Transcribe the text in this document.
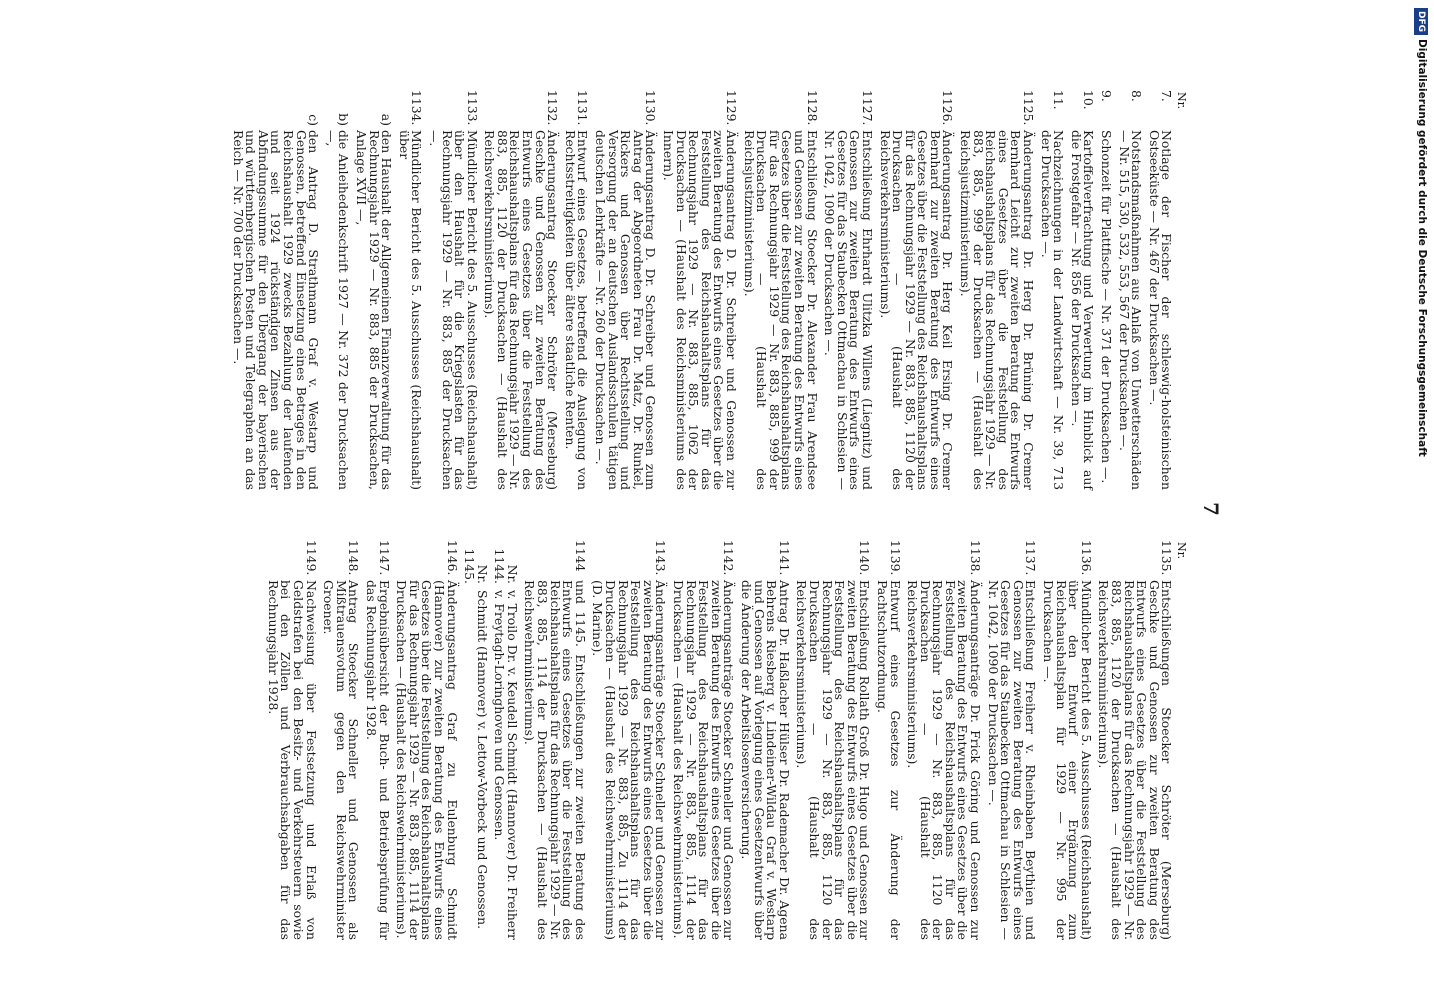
7
Nr.
7.
Notlage der Fischer der schleswig-holsteinischen Ostseeküste — Nr. 467 der Drucksachen —.
8.
Notstandsmaßnahmen aus Anlaß von Unwetterschäden — Nr. 515, 530, 532, 553, 567 der Drucksachen —.
9.
Schonzeit für Plattfische — Nr. 371 der Drucksachen —.
10.
Kartoffelverfrachtung und Verwertung im Hinblick auf die Frostgefahr — Nr. 856 der Drucksachen —.
11.
Nachzeichnungen in der Landwirtschaft — Nr. 39, 713 der Drucksachen —.
1125.
Änderungsantrag Dr. Herg Dr. Brüning Dr. Cremer Bernhard Leicht zur zweiten Beratung des Entwurfs eines Gesetzes über die Feststellung des Reichshaushaltsplans für das Rechnungsjahr 1929 — Nr. 883, 885, 999 der Drucksachen — (Haushalt des Reichsjustizministeriums).
1126.
Änderungsantrag Dr. Herg Keil Ersing Dr. Cremer Bernhard zur zweiten Beratung des Entwurfs eines Gesetzes über die Feststellung des Reichshaushaltsplans für das Rechnungsjahr 1929 — Nr. 883, 885, 1120 der Drucksachen — (Haushalt des Reichsverkehrsministeriums).
1127.
Entschließung Ehrhardt Ulitzka Willens (Liegnitz) und Genossen zur zweiten Beratung des Entwurfs eines Gesetzes für das Staubecken Ottmachau in Schlesien — Nr. 1042, 1090 der Drucksachen —.
1128.
Entschließung Stoecker Dr. Alexander Frau Arendsee und Genossen zur zweiten Beratung des Entwurfs eines Gesetzes über die Feststellung des Reichshaushaltsplans für das Rechnungsjahr 1929 — Nr. 883, 885, 999 der Drucksachen — (Haushalt des Reichsjustizministeriums).
1129.
Änderungsantrag D. Dr. Schreiber und Genossen zur zweiten Beratung des Entwurfs eines Gesetzes über die Feststellung des Reichshaushaltsplans für das Rechnungsjahr 1929 — Nr. 883, 885, 1062 der Drucksachen — (Haushalt des Reichsministeriums des Innern).
1130.
Änderungsantrag D. Dr. Schreiber und Genossen zum Antrag der Abgeordneten Frau Dr. Matz, Dr. Runkel, Rickers und Genossen über Rechtsstellung und Versorgung der an deutschen Auslandsschulen tätigen deutschen Lehrkräfte — Nr. 260 der Drucksachen —.
1131.
Entwurf eines Gesetzes, betreffend die Auslegung von Rechtsstreitigkeiten über ältere staatliche Renten.
1132.
Änderungsantrag Stoecker Schröter (Merseburg) Geschke und Genossen zur zweiten Beratung des Entwurfs eines Gesetzes über die Feststellung des Reichshaushaltsplans für das Rechnungsjahr 1929 — Nr. 883, 885, 1120 der Drucksachen — (Haushalt des Reichsverkehrsministeriums).
1133.
Mündlicher Bericht des 5. Ausschusses (Reichshaushalt) über den Haushalt für die Kriegslasten für das Rechnungsjahr 1929 — Nr. 883, 885 der Drucksachen —.
1134.
Mündlicher Bericht des 5. Ausschusses (Reichshaushalt) über
a)
den Haushalt der Allgemeinen Finanzverwaltung für das Rechnungsjahr 1929 — Nr. 883, 885 der Drucksachen, Anlage XVII —,
b)
die Anleihedenkschrift 1927 — Nr. 372 der Drucksachen —,
c)
den Antrag D. Strathmann Graf v. Westarp und Genossen, betreffend Einsetzung eines Betrages in den Reichshaushalt 1929 zwecks Bezahlung der laufenden und seit 1924 rückständigen Zinsen aus der Abfindungssumme für den Übergang der bayerischen und württembergischen Posten und Telegraphen an das Reich — Nr. 700 der Drucksachen —.
Nr.
1135.
Entschließungen Stoecker Schröter (Merseburg) Geschke und Genossen zur zweiten Beratung des Entwurfs eines Gesetzes über die Feststellung des Reichshaushaltsplans für das Rechnungsjahr 1929 — Nr. 883, 885, 1120 der Drucksachen — (Haushalt des Reichsverkehrsministeriums).
1136.
Mündlicher Bericht des 5. Ausschusses (Reichshaushalt) über den Entwurf einer Ergänzung zum Reichshaushaltsplan für 1929 — Nr. 995 der Drucksachen —.
1137.
Entschließung Freiherr v. Rheinbaben Beythien und Genossen zur zweiten Beratung des Entwurfs eines Gesetzes für das Staubecken Ottmachau in Schlesien — Nr. 1042, 1090 der Drucksachen —.
1138.
Änderungsanträge Dr. Frick Göring und Genossen zur zweiten Beratung des Entwurfs eines Gesetzes über die Feststellung des Reichshaushaltsplans für das Rechnungsjahr 1929 — Nr. 883, 885, 1120 der Drucksachen — (Haushalt des Reichsverkehrsministeriums).
1139.
Entwurf eines Gesetzes zur Änderung der Pachtschutzordnung.
1140.
Entschließung Rollath Groß Dr. Hugo und Genossen zur zweiten Beratung des Entwurfs eines Gesetzes über die Feststellung des Reichshaushaltsplans für das Rechnungsjahr 1929 — Nr. 883, 885, 1120 der Drucksachen — (Haushalt des Reichsverkehrsministeriums).
1141.
Antrag Dr. Haßlacher Hülser Dr. Rademacher Dr. Agena Behrens Riesberg v. Lindeiner-Wildau Graf v. Westarp und Genossen auf Vorlegung eines Gesetzentwurfs über die Änderung der Arbeitslosenversicherung.
1142.
Änderungsanträge Stoecker Schneller und Genossen zur zweiten Beratung des Entwurfs eines Gesetzes über die Feststellung des Reichshaushaltsplans für das Rechnungsjahr 1929 — Nr. 883, 885, 1114 der Drucksachen — (Haushalt des Reichswehrministeriums).
1143.
Änderungsanträge Stoecker Schneller und Genossen zur zweiten Beratung des Entwurfs eines Gesetzes über die Feststellung des Reichshaushaltsplans für das Rechnungsjahr 1929 — Nr. 883, 885, Zu 1114 der Drucksachen — (Haushalt des Reichswehrministeriums) (D. Marine).
1144
und 1145. Entschließungen zur zweiten Beratung des Entwurfs eines Gesetzes über die Feststellung des Reichshaushaltsplans für das Rechnungsjahr 1929 — Nr. 883, 885, 1114 der Drucksachen — (Haushalt des Reichswehrministeriums).
Nr. 1144.
v. Troilo Dr. v. Keudell Schmidt (Hannover) Dr. Freiherr v. Freytagh-Loringhoven und Genossen.
Nr. 1145.
Schmidt (Hannover) v. Lettow-Vorbeck und Genossen.
1146.
Änderungsantrag Graf zu Eulenburg Schmidt (Hannover) zur zweiten Beratung des Entwurfs eines Gesetzes über die Feststellung des Reichshaushaltsplans für das Rechnungsjahr 1929 — Nr. 883, 885, 1114 der Drucksachen — (Haushalt des Reichswehrministeriums).
1147.
Ergebnisübersicht der Buch- und Betriebsprüfung für das Rechnungsjahr 1928.
1148.
Antrag Stoecker Schneller und Genossen als Mißtrauensvotum gegen den Reichswehrminister Groener.
1149.
Nachweisung über Festsetzung und Erlaß von Geldstrafen bei den Besitz- und Verkehrsteuern sowie bei den Zöllen und Verbrauchsabgaben für das Rechnungsjahr 1928.
DFGDigitalisierung gefördert durch die Deutsche Forschungsgemeinschaft
